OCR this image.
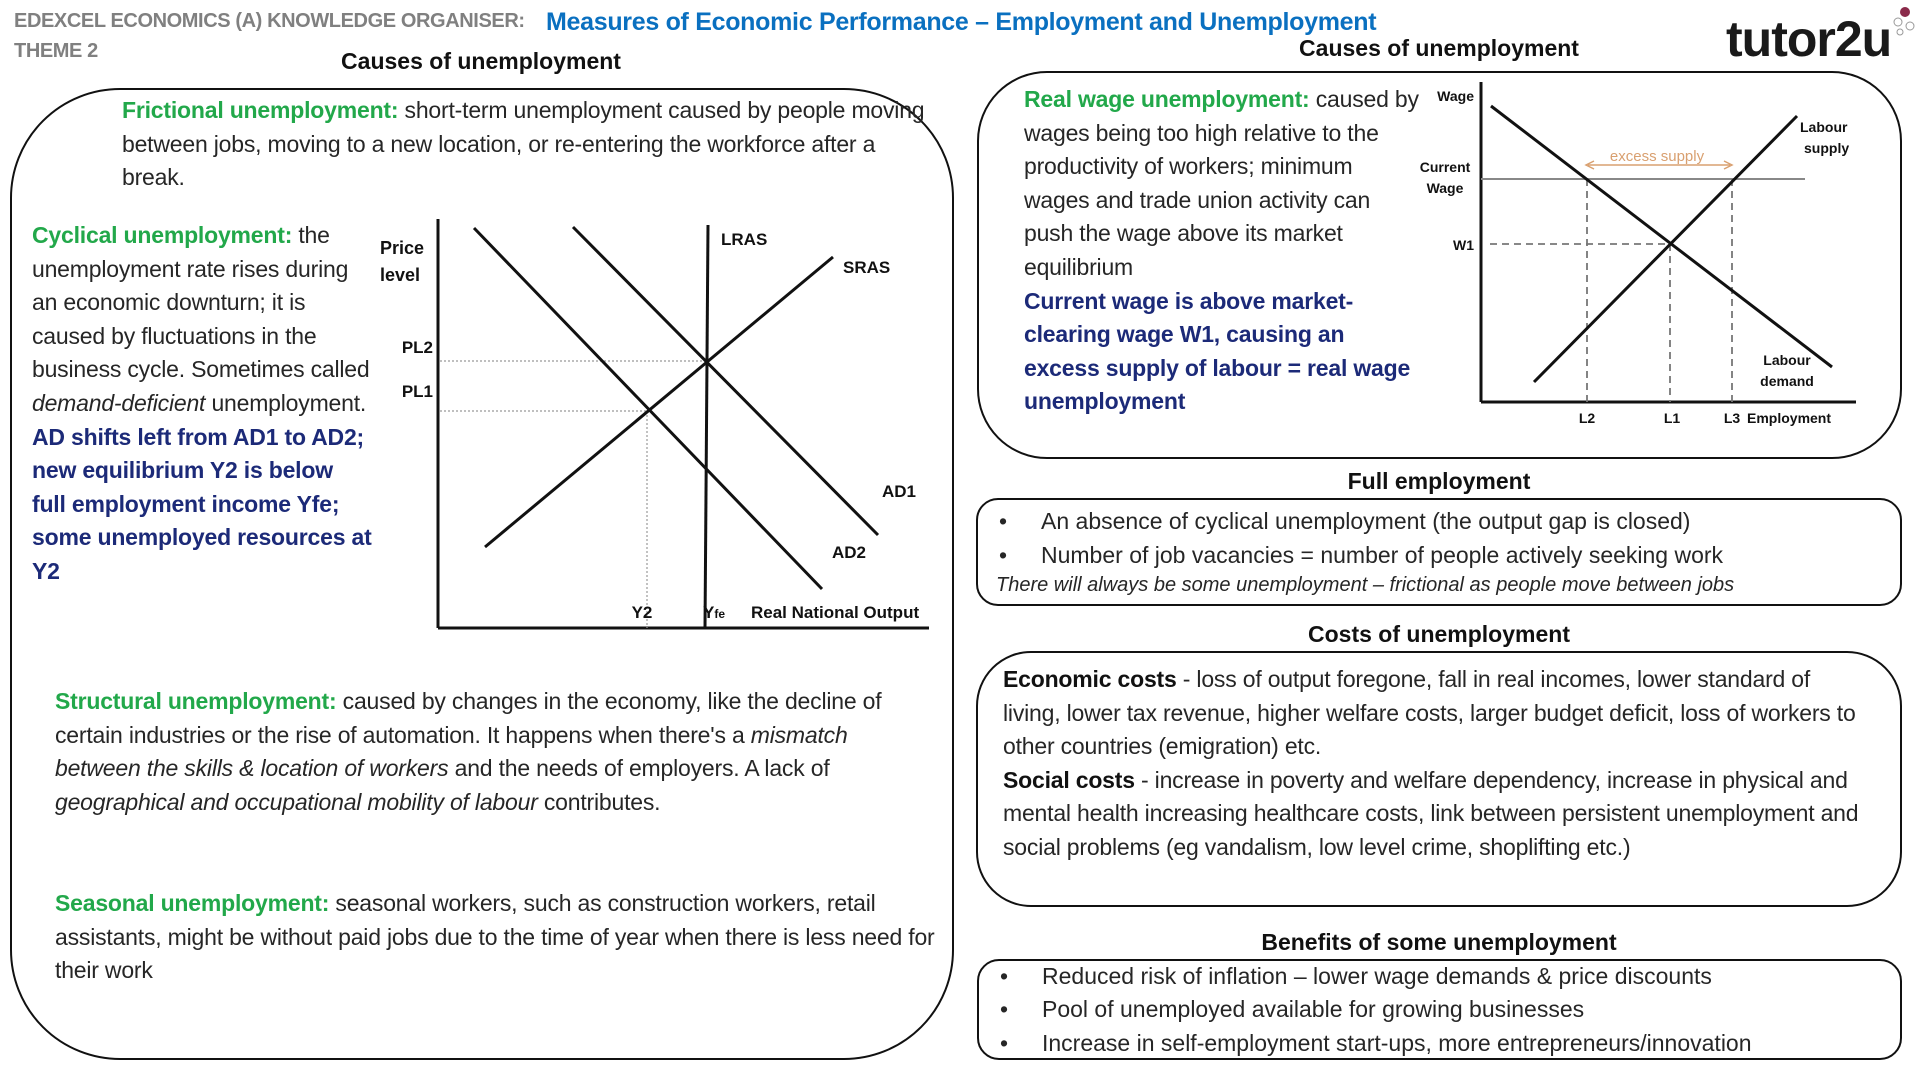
EDEXCEL ECONOMICS (A) KNOWLEDGE ORGANISER:
THEME 2
Measures of Economic Performance – Employment and Unemployment	tutor2u
Causes of unemployment	Causes of unemployment
Frictional unemployment: short-term unemployment caused by people moving between jobs, moving to a new location, or re-entering the workforce after a break.
Cyclical unemployment: the unemployment rate rises during an economic downturn; it is caused by fluctuations in the business cycle. Sometimes called demand-deficient unemployment. AD shifts left from AD1 to AD2; new equilibrium Y2 is below full employment income Yfe; some unemployed resources at Y2
Price
level
PL2
PL1
LRAS
SRAS
AD1
AD2
Y2	Yfe Real National Output
Structural unemployment: caused by changes in the economy, like the decline of certain industries or the rise of automation. It happens when there's a mismatch between the skills & location of workers and the needs of employers. A lack of geographical and occupational mobility of labour contributes.
Seasonal unemployment: seasonal workers, such as construction workers, retail assistants, might be without paid jobs due to the time of year when there is less need for their work
Real wage unemployment: caused by wages being too high relative to the productivity of workers; minimum wages and trade union activity can push the wage above its market equilibrium
Current wage is above market-clearing wage W1, causing an excess supply of labour = real wage unemployment
excess supply
Wage
Current
Wage
W1
Labour
supply
Labour
demand
L2	L1	L3 Employment
Full employment
• An absence of cyclical unemployment (the output gap is closed)
• Number of job vacancies = number of people actively seeking work
There will always be some unemployment – frictional as people move between jobs
Costs of unemployment
Economic costs - loss of output foregone, fall in real incomes, lower standard of living, lower tax revenue, higher welfare costs, larger budget deficit, loss of workers to other countries (emigration) etc.
Social costs - increase in poverty and welfare dependency, increase in physical and mental health increasing healthcare costs, link between persistent unemployment and social problems (eg vandalism, low level crime, shoplifting etc.)
Benefits of some unemployment
• Reduced risk of inflation – lower wage demands & price discounts
• Pool of unemployed available for growing businesses
• Increase in self-employment start-ups, more entrepreneurs/innovation
